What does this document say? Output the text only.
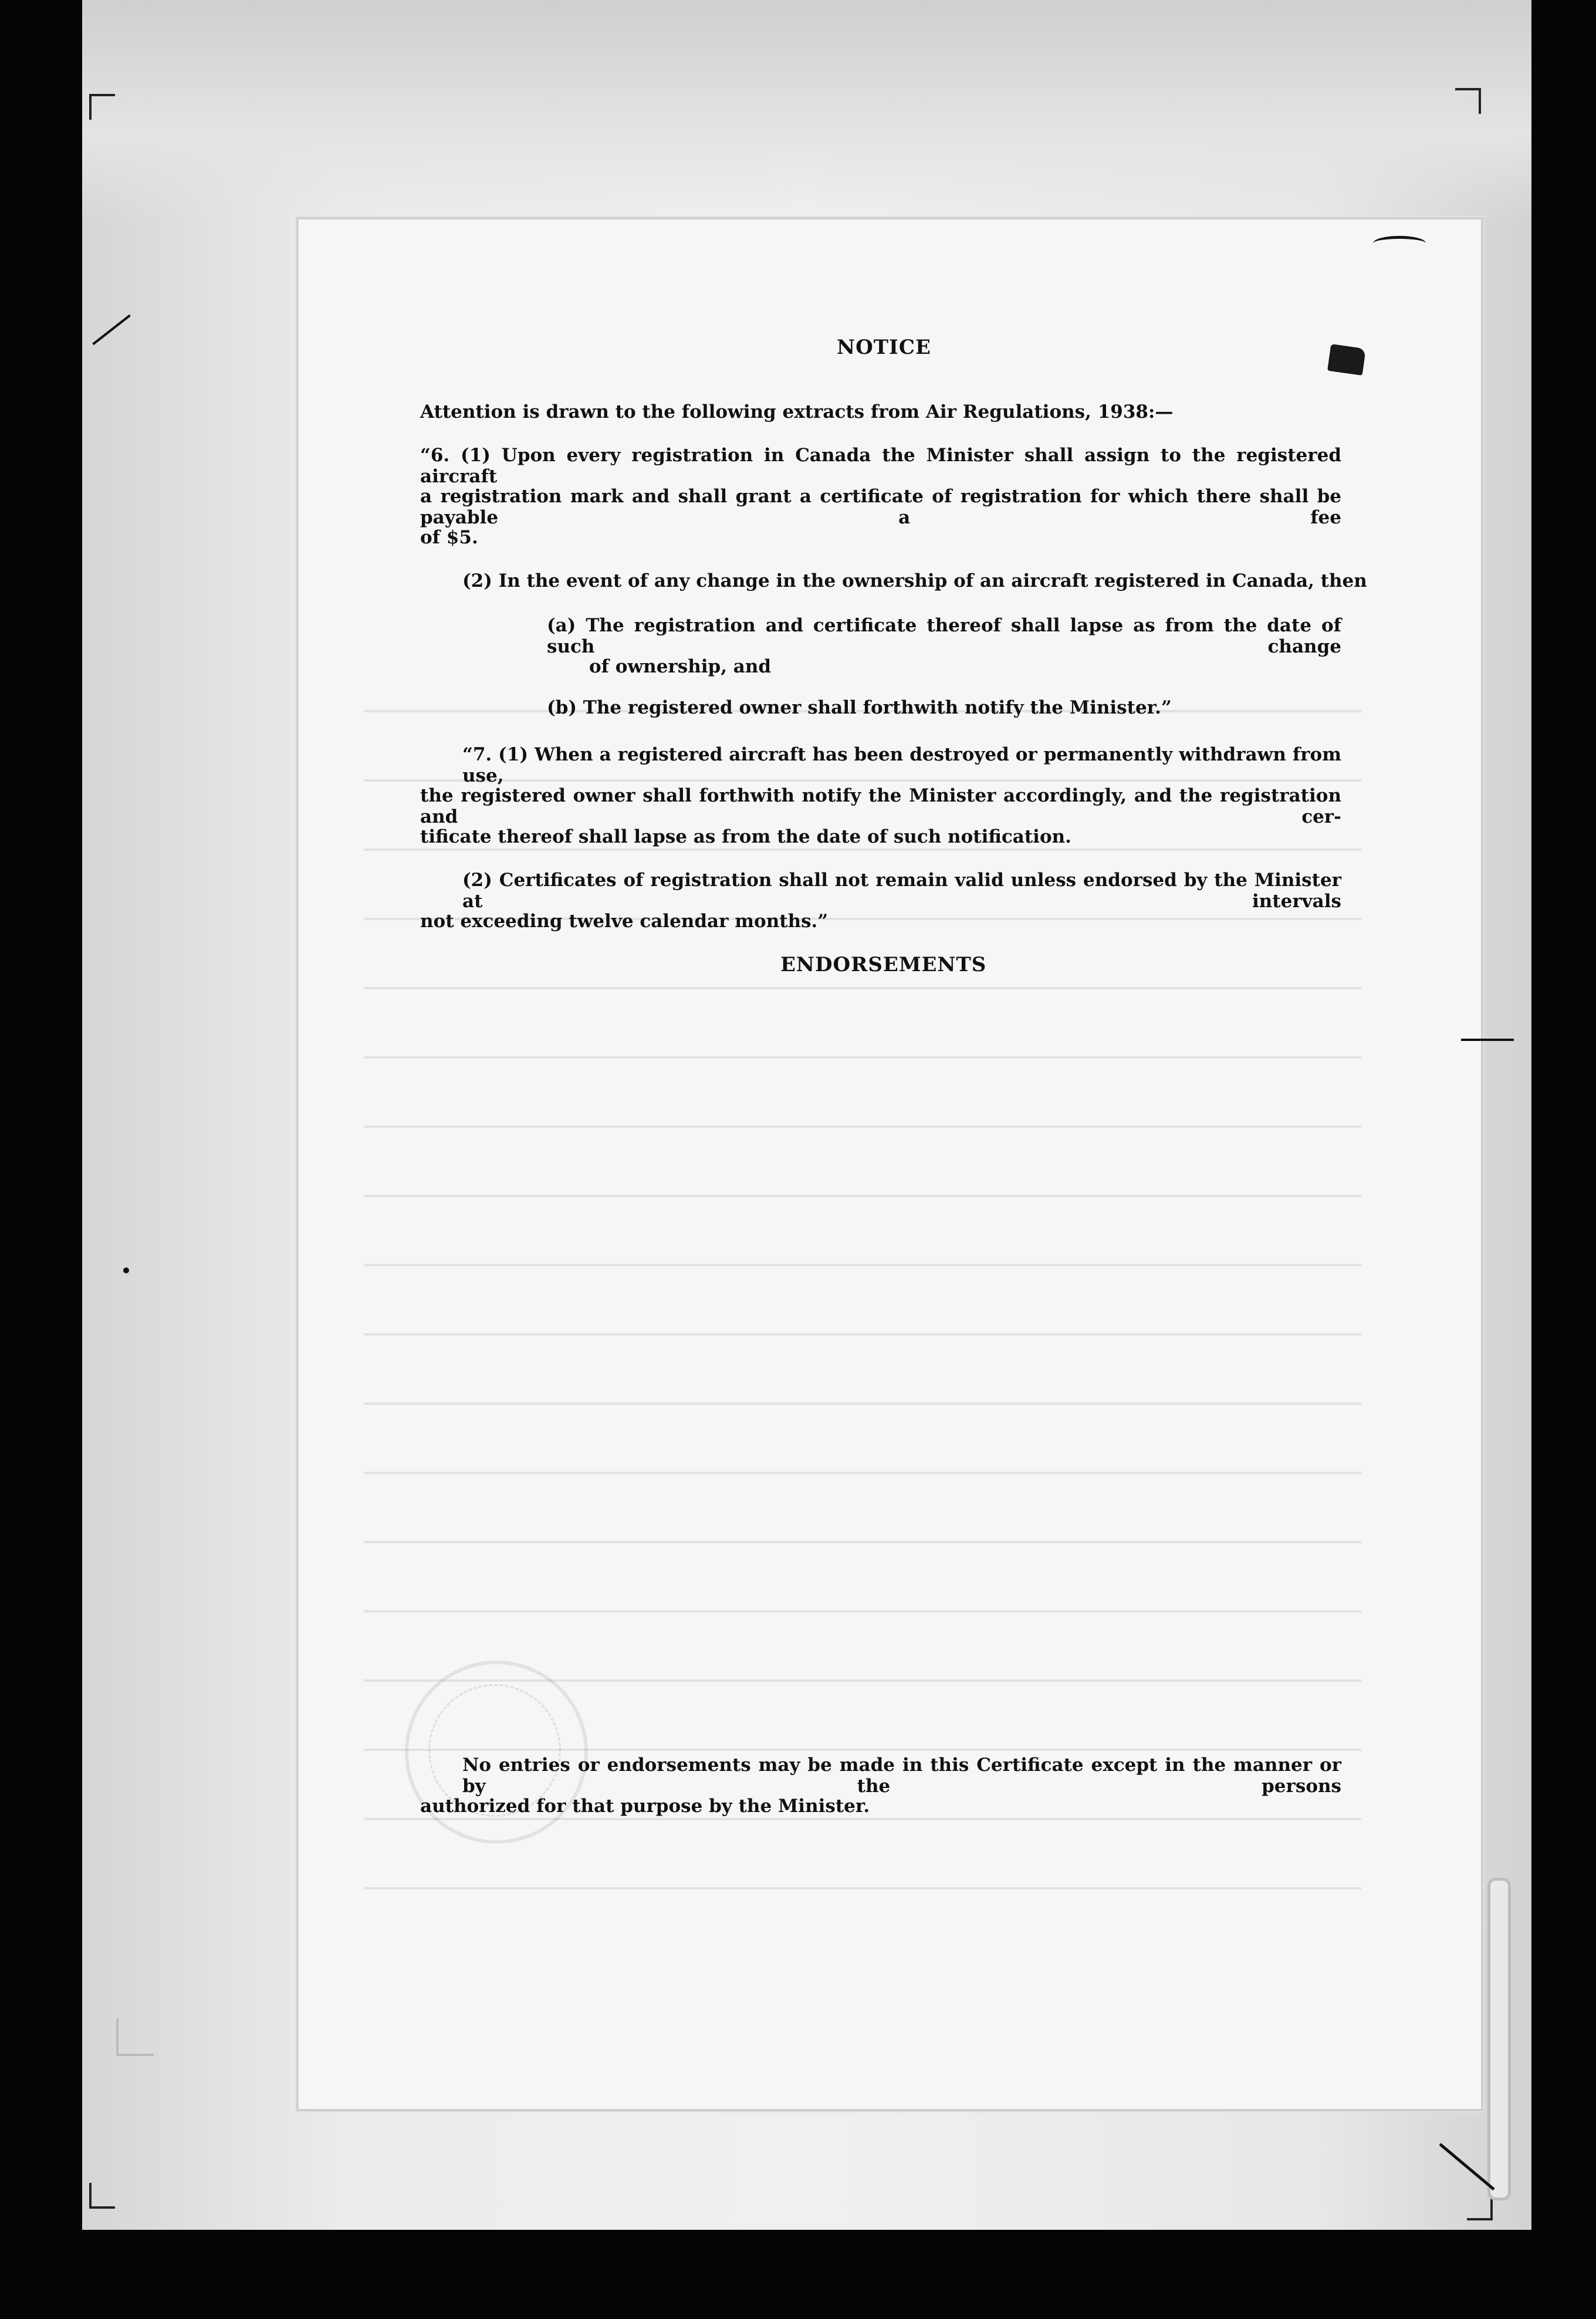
NOTICE
Attention is drawn to the following extracts from Air Regulations, 1938:—
“6. (1) Upon every registration in Canada the Minister shall assign to the registered aircraft
a registration mark and shall grant a certificate of registration for which there shall be payable a fee
of $5.
(2) In the event of any change in the ownership of an aircraft registered in Canada, then
(a) The registration and certificate thereof shall lapse as from the date of such change
of ownership, and
(b) The registered owner shall forthwith notify the Minister.”
“7. (1) When a registered aircraft has been destroyed or permanently withdrawn from use,
the registered owner shall forthwith notify the Minister accordingly, and the registration and cer-
tificate thereof shall lapse as from the date of such notification.
(2) Certificates of registration shall not remain valid unless endorsed by the Minister at intervals
not exceeding twelve calendar months.”
ENDORSEMENTS
No entries or endorsements may be made in this Certificate except in the manner or by the persons
authorized for that purpose by the Minister.
